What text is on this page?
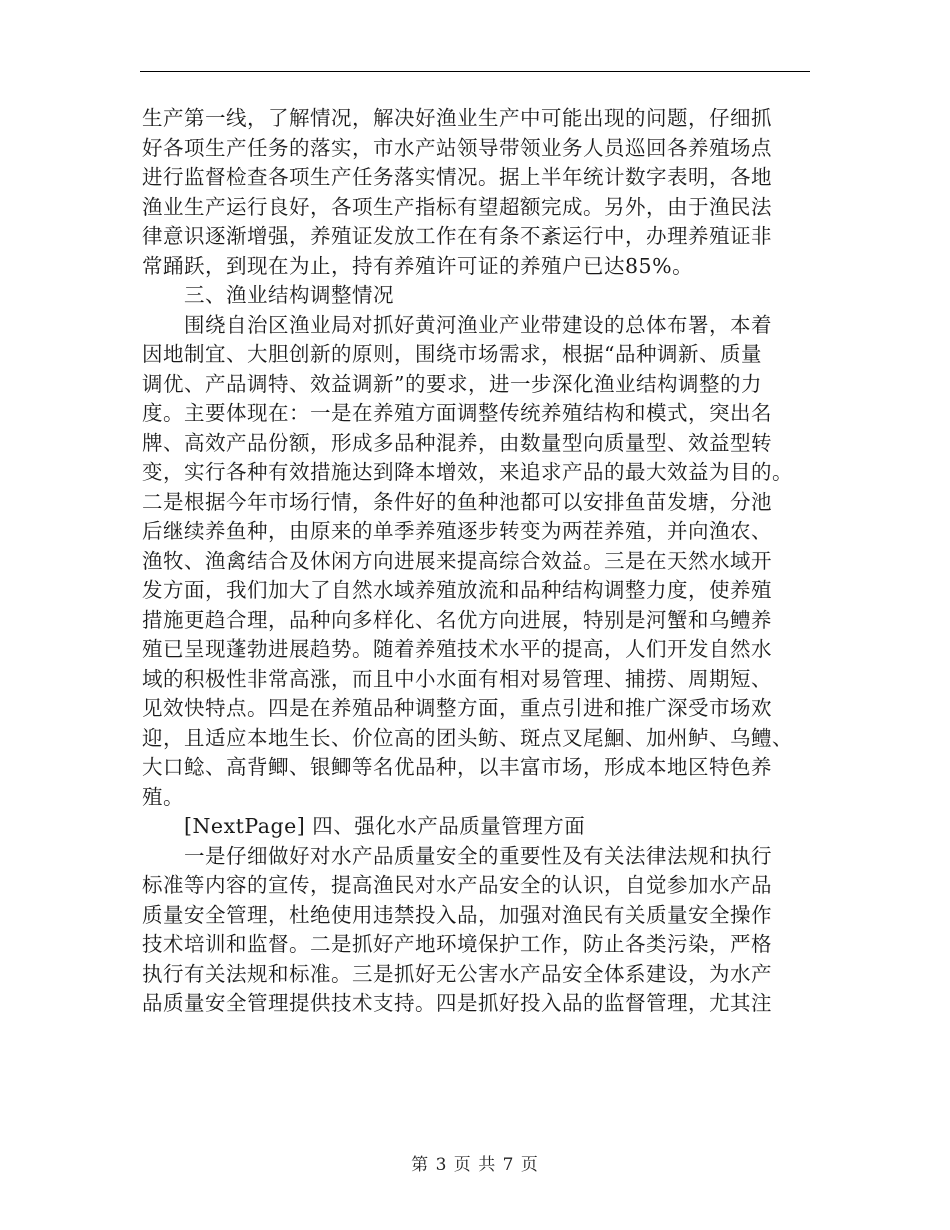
生产第一线，了解情况，解决好渔业生产中可能出现的问题，仔细抓
好各项生产任务的落实，市水产站领导带领业务人员巡回各养殖场点
进行监督检查各项生产任务落实情况。据上半年统计数字表明，各地
渔业生产运行良好，各项生产指标有望超额完成。另外，由于渔民法
律意识逐渐增强，养殖证发放工作在有条不紊运行中，办理养殖证非
常踊跃，到现在为止，持有养殖许可证的养殖户已达85%。
三、渔业结构调整情况
围绕自治区渔业局对抓好黄河渔业产业带建设的总体布署，本着
因地制宜、大胆创新的原则，围绕市场需求，根据“品种调新、质量
调优、产品调特、效益调新”的要求，进一步深化渔业结构调整的力
度。主要体现在：一是在养殖方面调整传统养殖结构和模式，突出名
牌、高效产品份额，形成多品种混养，由数量型向质量型、效益型转
变，实行各种有效措施达到降本增效，来追求产品的最大效益为目的。
二是根据今年市场行情，条件好的鱼种池都可以安排鱼苗发塘，分池
后继续养鱼种，由原来的单季养殖逐步转变为两茬养殖，并向渔农、
渔牧、渔禽结合及休闲方向进展来提高综合效益。三是在天然水域开
发方面，我们加大了自然水域养殖放流和品种结构调整力度，使养殖
措施更趋合理，品种向多样化、名优方向进展，特别是河蟹和乌鳢养
殖已呈现蓬勃进展趋势。随着养殖技术水平的提高，人们开发自然水
域的积极性非常高涨，而且中小水面有相对易管理、捕捞、周期短、
见效快特点。四是在养殖品种调整方面，重点引进和推广深受市场欢
迎，且适应本地生长、价位高的团头鲂、斑点叉尾鮰、加州鲈、乌鳢、
大口鲶、高背鲫、银鲫等名优品种，以丰富市场，形成本地区特色养
殖。
[NextPage] 四、强化水产品质量管理方面
一是仔细做好对水产品质量安全的重要性及有关法律法规和执行
标准等内容的宣传，提高渔民对水产品安全的认识，自觉参加水产品
质量安全管理，杜绝使用违禁投入品，加强对渔民有关质量安全操作
技术培训和监督。二是抓好产地环境保护工作，防止各类污染，严格
执行有关法规和标准。三是抓好无公害水产品安全体系建设，为水产
品质量安全管理提供技术支持。四是抓好投入品的监督管理，尤其注
第 3 页 共 7 页
